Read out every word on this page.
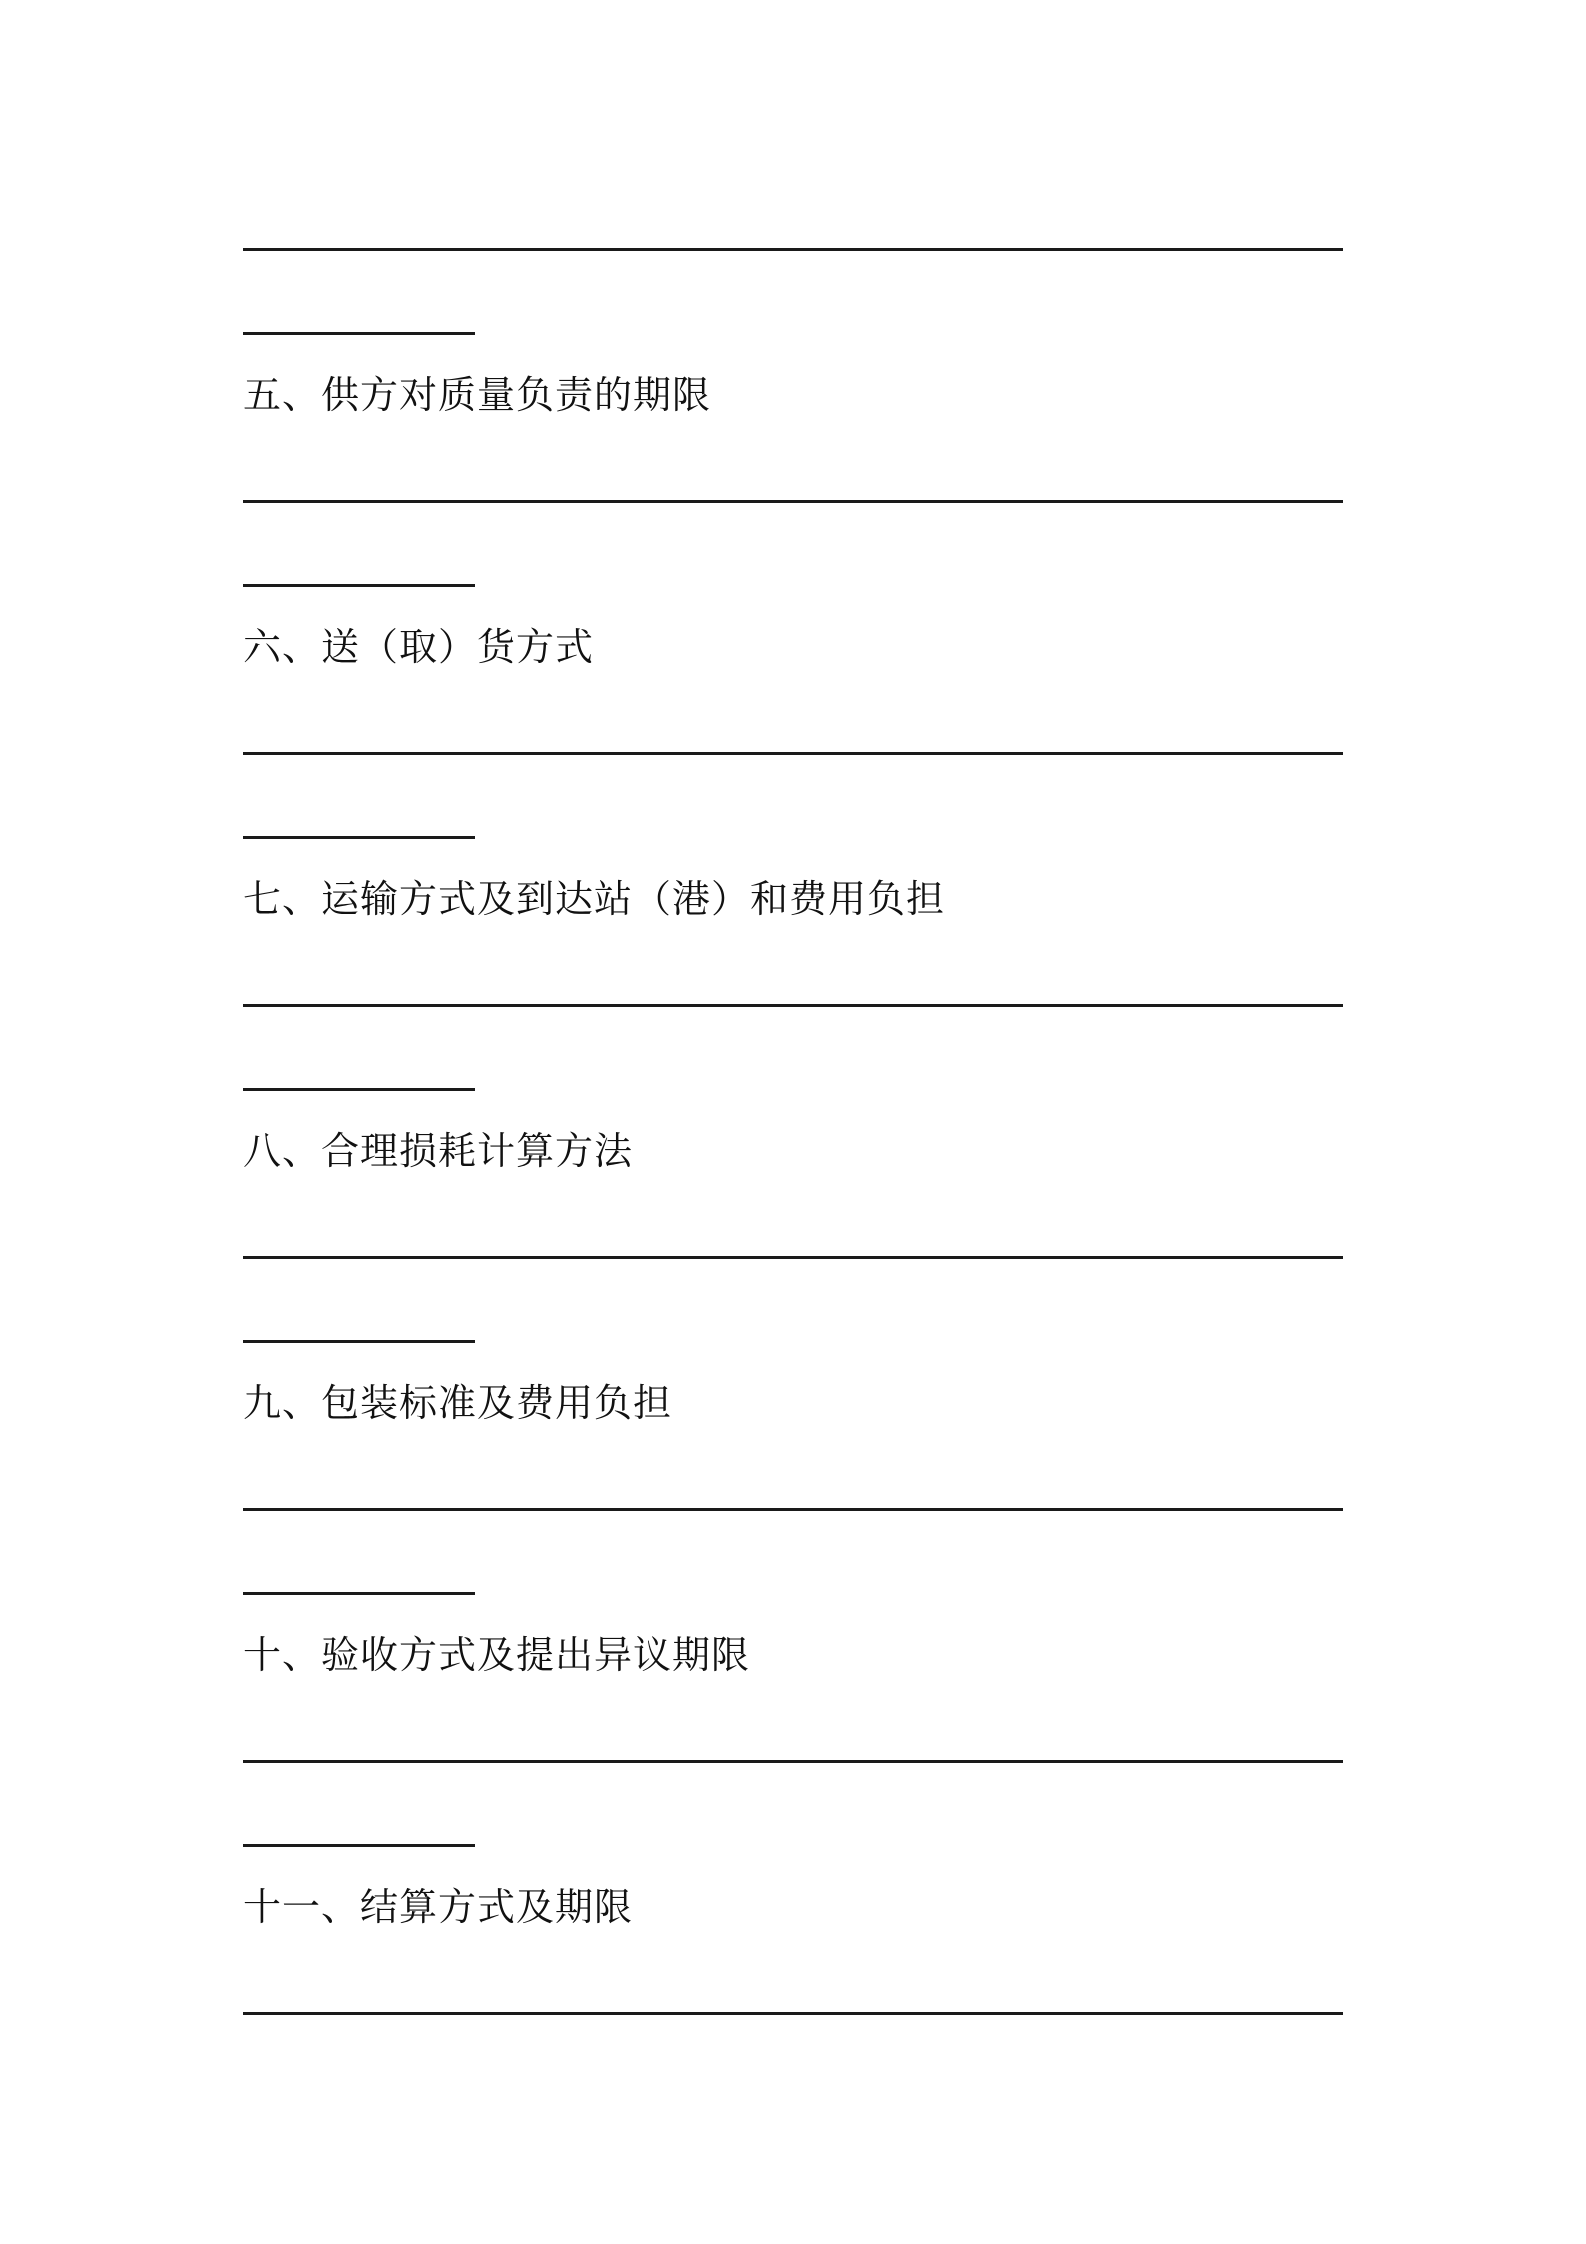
五、供方对质量负责的期限
六、送（取）货方式
七、运输方式及到达站（港）和费用负担
八、合理损耗计算方法
九、包装标准及费用负担
十、验收方式及提出异议期限
十一、结算方式及期限
